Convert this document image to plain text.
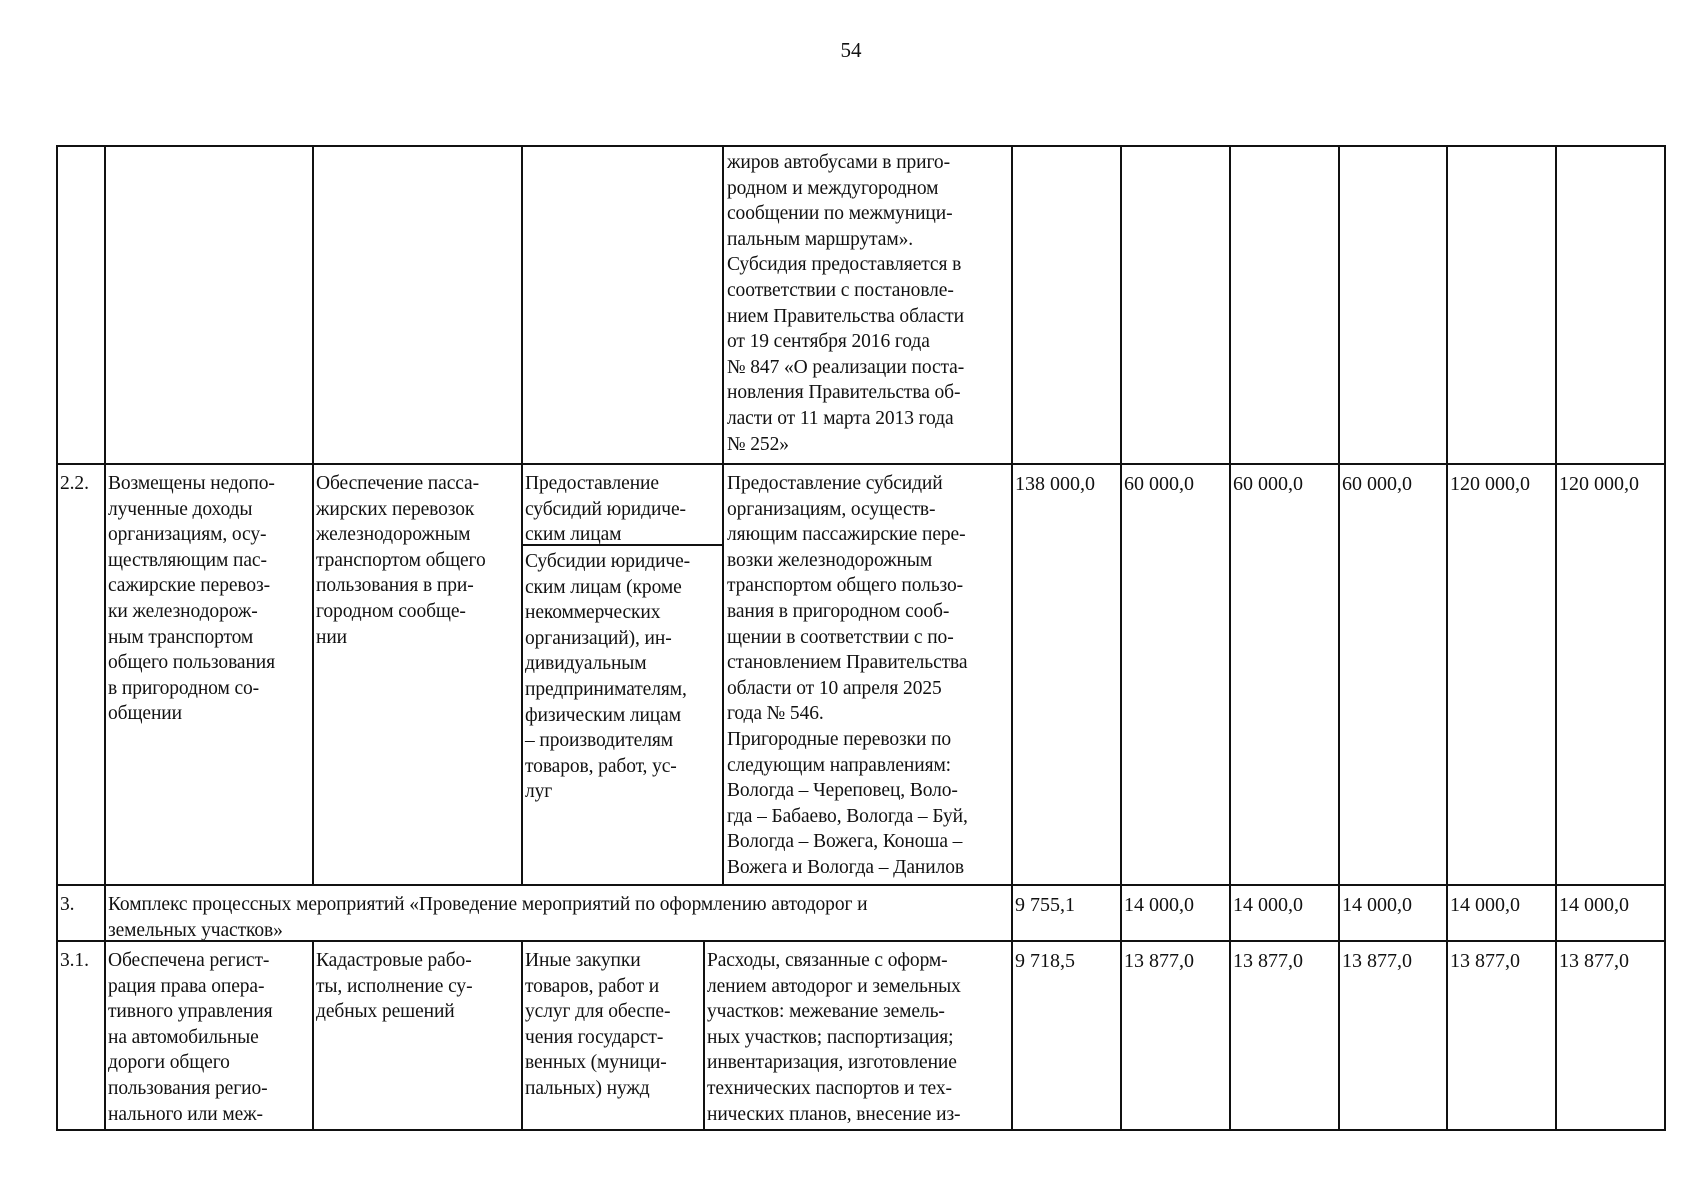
54
жиров автобусами в приго-
родном и междугородном
сообщении по межмуници-
пальным маршрутам».
Субсидия предоставляется в
соответствии с постановле-
нием Правительства области
от 19 сентября 2016 года
№ 847 «О реализации поста-
новления Правительства об-
ласти от 11 марта 2013 года
№ 252»
2.2. Возмещены недопо-
лученные доходы
организациям, осу-
ществляющим пас-
сажирские перевоз-
ки железнодорож-
ным транспортом
общего пользования
в пригородном со-
общении
Обеспечение пасса-
жирских перевозок
железнодорожным
транспортом общего
пользования в при-
городном сообще-
нии
Предоставление
субсидий юридиче-
ским лицам
Субсидии юридиче-
ским лицам (кроме
некоммерческих
организаций), ин-
дивидуальным
предпринимателям,
физическим лицам
– производителям
товаров, работ, ус-
луг
Предоставление субсидий
организациям, осуществ-
ляющим пассажирские пере-
возки железнодорожным
транспортом общего пользо-
вания в пригородном сооб-
щении в соответствии с по-
становлением Правительства
области от 10 апреля 2025
года № 546.
Пригородные перевозки по
следующим направлениям:
Вологда – Череповец, Воло-
гда – Бабаево, Вологда – Буй,
Вологда – Вожега, Коноша –
Вожега и Вологда – Данилов
138 000,0 60 000,0 60 000,0 60 000,0 120 000,0 120 000,0
3. Комплекс процессных мероприятий «Проведение мероприятий по оформлению автодорог и
земельных участков»
9 755,1 14 000,0 14 000,0 14 000,0 14 000,0 14 000,0
3.1. Обеспечена регист-
рация права опера-
тивного управления
на автомобильные
дороги общего
пользования регио-
нального или меж-
Кадастровые рабо-
ты, исполнение су-
дебных решений
Иные закупки
товаров, работ и
услуг для обеспе-
чения государст-
венных (муници-
пальных) нужд
Расходы, связанные с оформ-
лением автодорог и земельных
участков: межевание земель-
ных участков; паспортизация;
инвентаризация, изготовление
технических паспортов и тех-
нических планов, внесение из-
9 718,5 13 877,0 13 877,0 13 877,0 13 877,0 13 877,0
